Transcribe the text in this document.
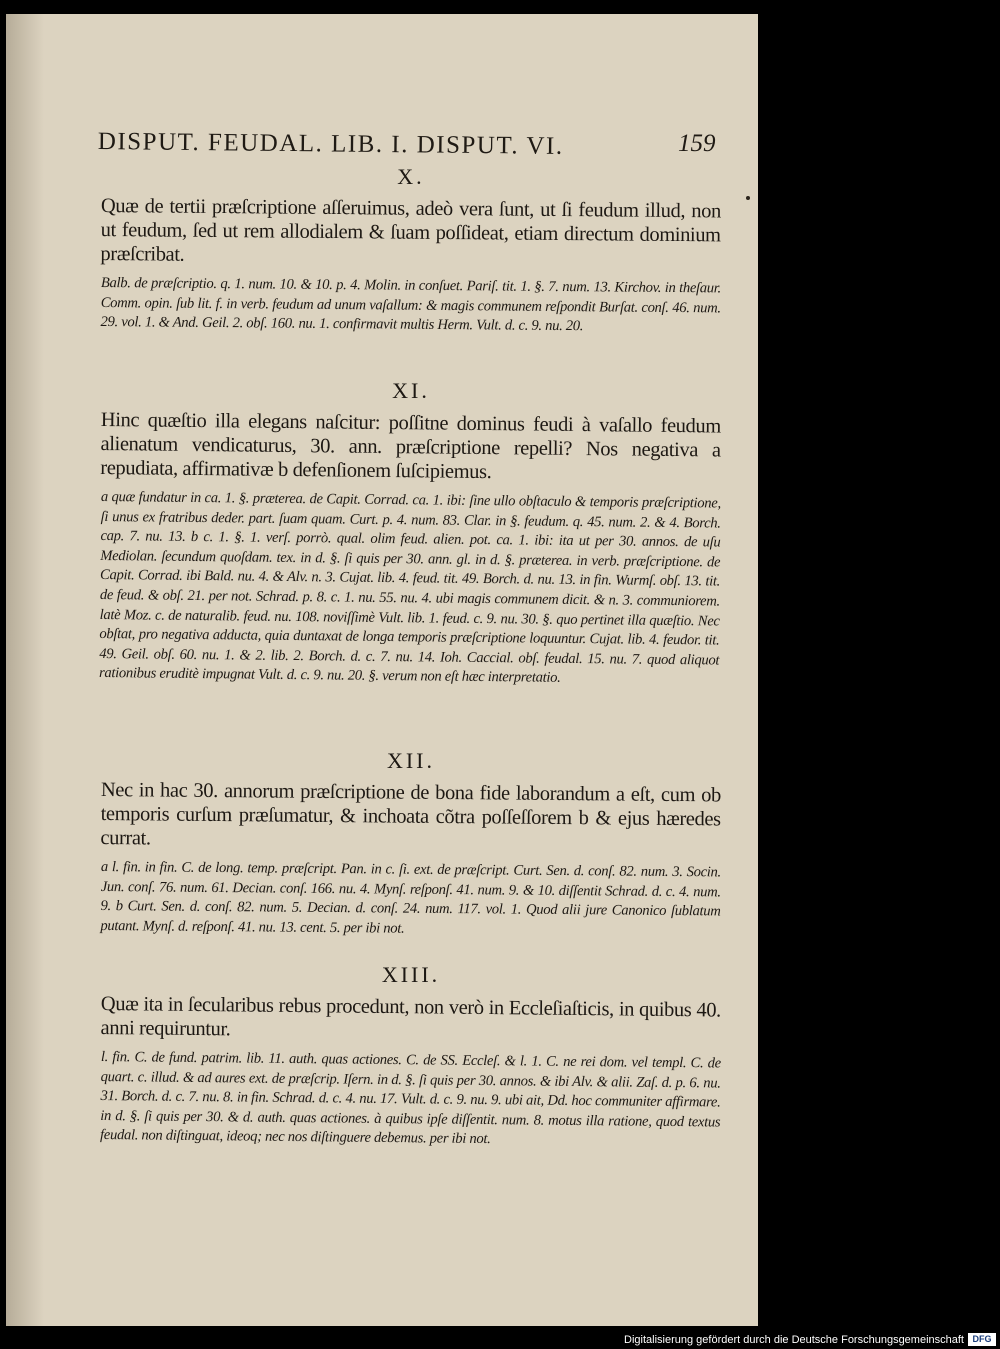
DISPUT. FEUDAL. LIB. I. DISPUT. VI.	159
X.
Quæ de tertii præſcriptione aſſeruimus, adeò vera ſunt, ut ſi feudum illud, non ut feudum, ſed ut rem allodialem & ſuam poſſideat, etiam directum dominium præſcribat.
Balb. de præſcriptio. q. 1. num. 10. & 10. p. 4. Molin. in conſuet. Pariſ. tit. 1. §. 7. num. 13. Kirchov. in theſaur. Comm. opin. ſub lit. f. in verb. feudum ad unum vaſallum: & magis communem reſpondit Burſat. conſ. 46. num. 29. vol. 1. & And. Geil. 2. obſ. 160. nu. 1. confirmavit multis Herm. Vult. d. c. 9. nu. 20.
XI.
Hinc quæſtio illa elegans naſcitur: poſſitne dominus feudi à vaſallo feudum alienatum vendicaturus, 30. ann. præſcriptione repelli? Nos negativa a repudiata, affirmativæ b defenſionem ſuſcipiemus.
a quæ fundatur in ca. 1. §. præterea. de Capit. Corrad. ca. 1. ibi: ſine ullo obſtaculo & temporis præſcriptione, ſi unus ex fratribus deder. part. ſuam quam. Curt. p. 4. num. 83. Clar. in §. feudum. q. 45. num. 2. & 4. Borch. cap. 7. nu. 13. b c. 1. §. 1. verſ. porrò. qual. olim feud. alien. pot. ca. 1. ibi: ita ut per 30. annos. de uſu Mediolan. ſecundum quoſdam. tex. in d. §. ſi quis per 30. ann. gl. in d. §. præterea. in verb. præſcriptione. de Capit. Corrad. ibi Bald. nu. 4. & Alv. n. 3. Cujat. lib. 4. feud. tit. 49. Borch. d. nu. 13. in fin. Wurmſ. obſ. 13. tit. de feud. & obſ. 21. per not. Schrad. p. 8. c. 1. nu. 55. nu. 4. ubi magis communem dicit. & n. 3. communiorem. latè Moz. c. de naturalib. feud. nu. 108. noviſſimè Vult. lib. 1. feud. c. 9. nu. 30. §. quo pertinet illa quæſtio. Nec obſtat, pro negativa adducta, quia duntaxat de longa temporis præſcriptione loquuntur. Cujat. lib. 4. feudor. tit. 49. Geil. obſ. 60. nu. 1. & 2. lib. 2. Borch. d. c. 7. nu. 14. Ioh. Caccial. obſ. feudal. 15. nu. 7. quod aliquot rationibus eruditè impugnat Vult. d. c. 9. nu. 20. §. verum non eſt hæc interpretatio.
XII.
Nec in hac 30. annorum præſcriptione de bona fide laborandum a eſt, cum ob temporis curſum præſumatur, & inchoata cõtra poſſeſſorem b & ejus hæredes currat.
a l. fin. in fin. C. de long. temp. præſcript. Pan. in c. ſi. ext. de præſcript. Curt. Sen. d. conſ. 82. num. 3. Socin. Jun. conſ. 76. num. 61. Decian. conſ. 166. nu. 4. Mynſ. reſponſ. 41. num. 9. & 10. diſſentit Schrad. d. c. 4. num. 9. b Curt. Sen. d. conſ. 82. num. 5. Decian. d. conſ. 24. num. 117. vol. 1. Quod alii jure Canonico ſublatum putant. Mynſ. d. reſponſ. 41. nu. 13. cent. 5. per ibi not.
XIII.
Quæ ita in ſecularibus rebus procedunt, non verò in Eccleſiaſticis, in quibus 40. anni requiruntur.
l. fin. C. de fund. patrim. lib. 11. auth. quas actiones. C. de SS. Eccleſ. & l. 1. C. ne rei dom. vel templ. C. de quart. c. illud. & ad aures ext. de præſcrip. Iſern. in d. §. ſi quis per 30. annos. & ibi Alv. & alii. Zaſ. d. p. 6. nu. 31. Borch. d. c. 7. nu. 8. in fin. Schrad. d. c. 4. nu. 17. Vult. d. c. 9. nu. 9. ubi ait, Dd. hoc communiter affirmare. in d. §. ſi quis per 30. & d. auth. quas actiones. à quibus ipſe diſſentit. num. 8. motus illa ratione, quod textus feudal. non diſtinguat, ideoq; nec nos diſtinguere debemus. per ibi not.
Digitalisierung gefördert durch die Deutsche Forschungsgemeinschaft DFG
